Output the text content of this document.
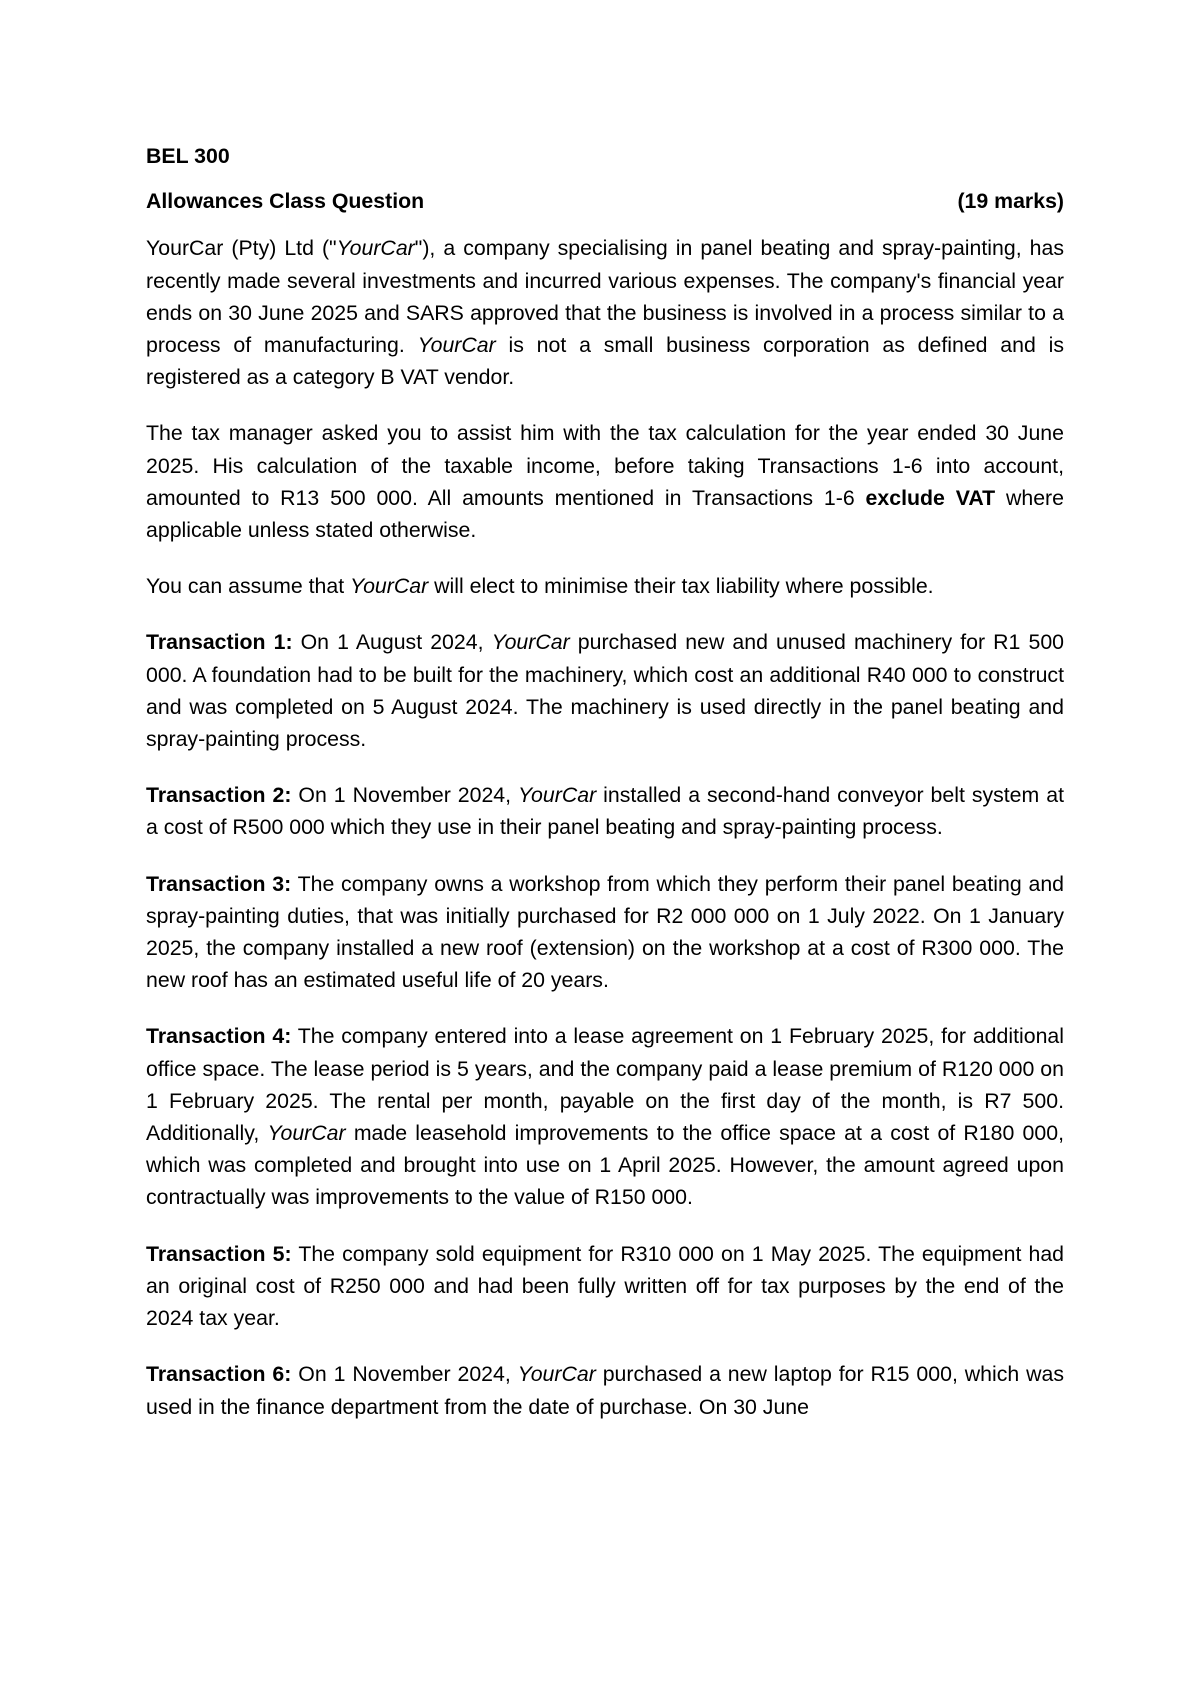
BEL 300
Allowances Class Question	(19 marks)

YourCar (Pty) Ltd ("YourCar"), a company specialising in panel beating and spray-painting, has recently made several investments and incurred various expenses. The company's financial year ends on 30 June 2025 and SARS approved that the business is involved in a process similar to a process of manufacturing. YourCar is not a small business corporation as defined and is registered as a category B VAT vendor.

The tax manager asked you to assist him with the tax calculation for the year ended 30 June 2025. His calculation of the taxable income, before taking Transactions 1-6 into account, amounted to R13 500 000. All amounts mentioned in Transactions 1-6 exclude VAT where applicable unless stated otherwise.

You can assume that YourCar will elect to minimise their tax liability where possible.

Transaction 1: On 1 August 2024, YourCar purchased new and unused machinery for R1 500 000. A foundation had to be built for the machinery, which cost an additional R40 000 to construct and was completed on 5 August 2024. The machinery is used directly in the panel beating and spray-painting process.

Transaction 2: On 1 November 2024, YourCar installed a second-hand conveyor belt system at a cost of R500 000 which they use in their panel beating and spray-painting process.

Transaction 3: The company owns a workshop from which they perform their panel beating and spray-painting duties, that was initially purchased for R2 000 000 on 1 July 2022. On 1 January 2025, the company installed a new roof (extension) on the workshop at a cost of R300 000. The new roof has an estimated useful life of 20 years.

Transaction 4: The company entered into a lease agreement on 1 February 2025, for additional office space. The lease period is 5 years, and the company paid a lease premium of R120 000 on 1 February 2025. The rental per month, payable on the first day of the month, is R7 500. Additionally, YourCar made leasehold improvements to the office space at a cost of R180 000, which was completed and brought into use on 1 April 2025. However, the amount agreed upon contractually was improvements to the value of R150 000.

Transaction 5: The company sold equipment for R310 000 on 1 May 2025. The equipment had an original cost of R250 000 and had been fully written off for tax purposes by the end of the 2024 tax year.

Transaction 6: On 1 November 2024, YourCar purchased a new laptop for R15 000, which was used in the finance department from the date of purchase. On 30 June
